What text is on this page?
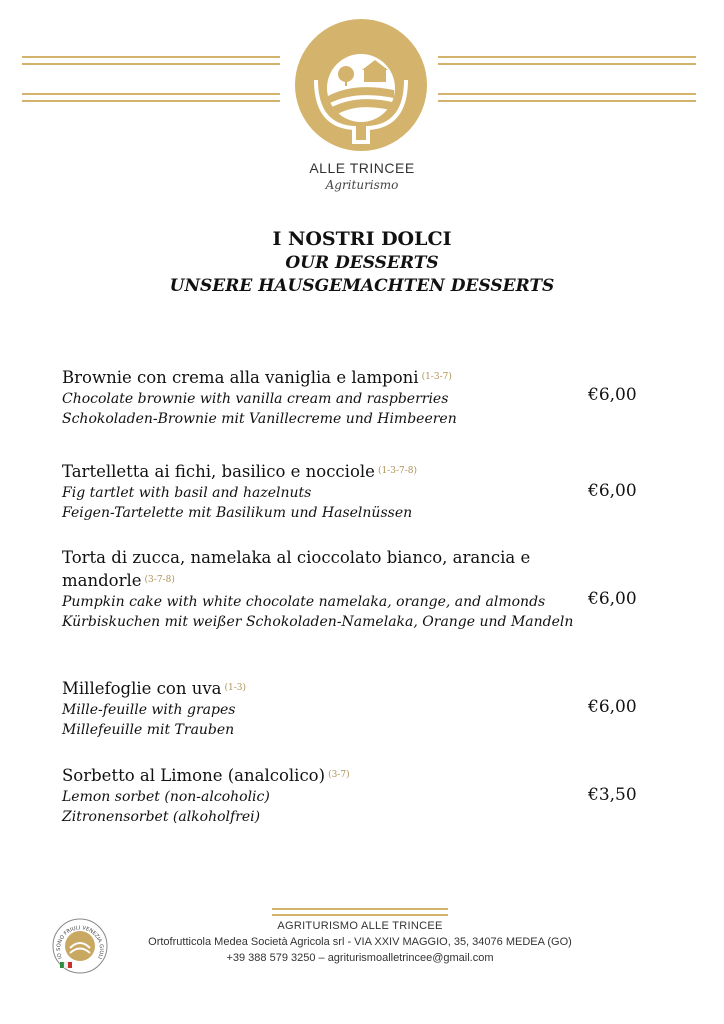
ALLE TRINCEE
Agriturismo
I NOSTRI DOLCI
OUR DESSERTS
UNSERE HAUSGEMACHTEN DESSERTS
Brownie con crema alla vaniglia e lamponi $^{(1-3-7)}$
Chocolate brownie with vanilla cream and raspberries
Schokoladen-Brownie mit Vanillecreme und Himbeeren
€6,00
Tartelletta ai fichi, basilico e nocciole $^{(1-3-7-8)}$
Fig tartlet with basil and hazelnuts
Feigen-Tartelette mit Basilikum und Haselnüssen
€6,00
Torta di zucca, namelaka al cioccolato bianco, arancia e mandorle $^{(3-7-8)}$
Pumpkin cake with white chocolate namelaka, orange, and almonds
Kürbiskuchen mit weißer Schokoladen-Namelaka, Orange und Mandeln
€6,00
Millefoglie con uva $^{(1-3)}$
Mille-feuille with grapes
Millefeuille mit Trauben
€6,00
Sorbetto al Limone (analcolico) $^{(3-7)}$
Lemon sorbet (non-alcoholic)
Zitronensorbet (alkoholfrei)
€3,50
IO SONO FRIULI VENEZIA GIULI
AGRITURISMO ALLE TRINCEE
Ortofrutticola Medea Società Agricola srl - VIA XXIV MAGGIO, 35, 34076 MEDEA (GO)
+39 388 579 3250 – agriturismoalletrincee@gmail.com
